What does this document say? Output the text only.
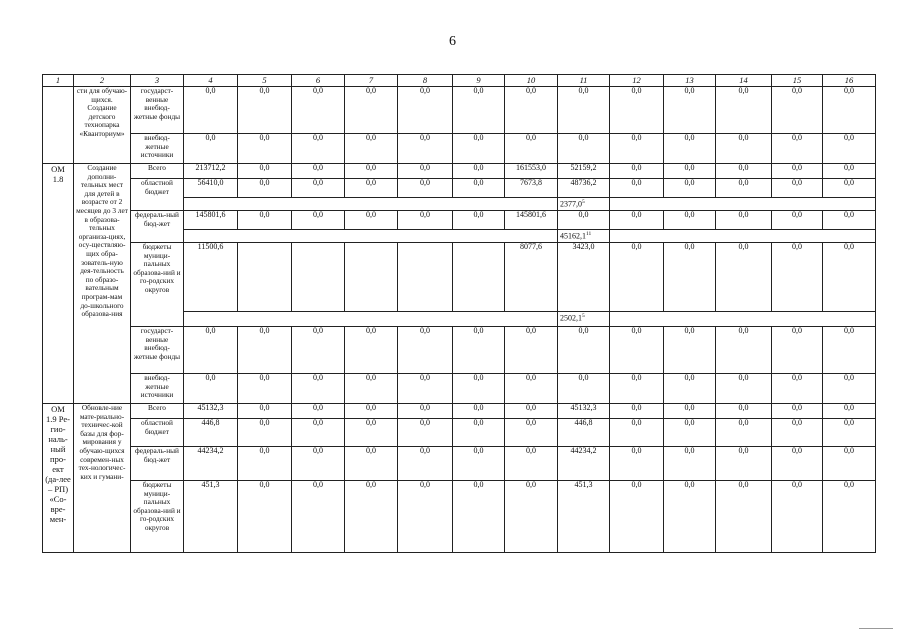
6
1	2	3	4	5	6	7	8	9	10	11	12	13	14	15	16
	сти для обучаю-щихся. Создание детского технопарка «Кванториум»	государст-венные внебюд-жетные фонды	0,0	0,0	0,0	0,0	0,0	0,0	0,0	0,0	0,0	0,0	0,0	0,0	0,0
		внебюд-жетные источники	0,0	0,0	0,0	0,0	0,0	0,0	0,0	0,0	0,0	0,0	0,0	0,0	0,0
ОМ 1.8	Создание дополни-тельных мест для детей в возрасте от 2 месяцев до 3 лет в образова-тельных организа-циях, осу-ществляю-щих обра-зователь-ную дея-тельность по образо-вательным програм-мам до-школьного образова-ния	Всего	213712,2	0,0	0,0	0,0	0,0	0,0	161553,0	52159,2	0,0	0,0	0,0	0,0	0,0
		областной бюджет	56410,0	0,0	0,0	0,0	0,0	0,0	7673,8	48736,2	0,0	0,0	0,0	0,0	0,0
										2377,0$^5$	
		федераль-ный бюд-жет	145801,6	0,0	0,0	0,0	0,0	0,0	145801,6	0,0	0,0	0,0	0,0	0,0	0,0
										45162,1$^{11}$	
		бюджеты муници-пальных образова-ний и го-родских округов	11500,6						8077,6	3423,0	0,0	0,0	0,0	0,0	0,0
										2502,1$^5$	
		государст-венные внебюд-жетные фонды	0,0	0,0	0,0	0,0	0,0	0,0	0,0	0,0	0,0	0,0	0,0	0,0	0,0
		внебюд-жетные источники	0,0	0,0	0,0	0,0	0,0	0,0	0,0	0,0	0,0	0,0	0,0	0,0	0,0
ОМ 1.9 Ре-гио-наль-ный про-ект (да-лее – РП) «Со-вре-мен-	Обновле-ние мате-риально-техничес-кой базы для фор-мирования у обучаю-щихся современ-ных тех-нологичес-ких и гумани-	Всего	45132,3	0,0	0,0	0,0	0,0	0,0	0,0	45132,3	0,0	0,0	0,0	0,0	0,0
		областной бюджет	446,8	0,0	0,0	0,0	0,0	0,0	0,0	446,8	0,0	0,0	0,0	0,0	0,0
		федераль-ный бюд-жет	44234,2	0,0	0,0	0,0	0,0	0,0	0,0	44234,2	0,0	0,0	0,0	0,0	0,0
		бюджеты муници-пальных образова-ний и го-родских округов	451,3	0,0	0,0	0,0	0,0	0,0	0,0	451,3	0,0	0,0	0,0	0,0	0,0
